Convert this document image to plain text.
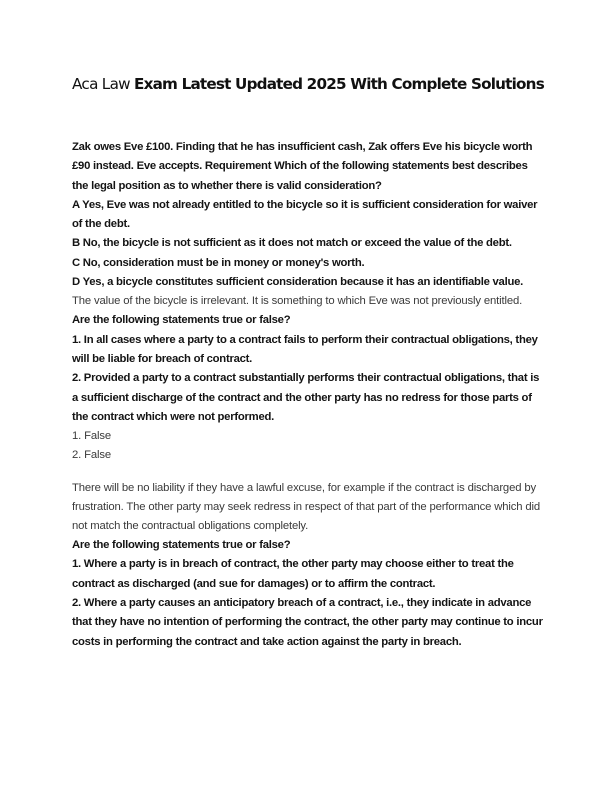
Aca Law Exam Latest Updated 2025 With Complete Solutions

Zak owes Eve £100. Finding that he has insufficient cash, Zak offers Eve his bicycle worth £90 instead. Eve accepts. Requirement Which of the following statements best describes the legal position as to whether there is valid consideration?

A Yes, Eve was not already entitled to the bicycle so it is sufficient consideration for waiver of the debt.

B No, the bicycle is not sufficient as it does not match or exceed the value of the debt.

C No, consideration must be in money or money's worth.

D Yes, a bicycle constitutes sufficient consideration because it has an identifiable value.

The value of the bicycle is irrelevant. It is something to which Eve was not previously entitled.

Are the following statements true or false?

1. In all cases where a party to a contract fails to perform their contractual obligations, they will be liable for breach of contract.

2. Provided a party to a contract substantially performs their contractual obligations, that is a sufficient discharge of the contract and the other party has no redress for those parts of the contract which were not performed.

1. False

2. False

There will be no liability if they have a lawful excuse, for example if the contract is discharged by frustration. The other party may seek redress in respect of that part of the performance which did not match the contractual obligations completely.

Are the following statements true or false?

1. Where a party is in breach of contract, the other party may choose either to treat the contract as discharged (and sue for damages) or to affirm the contract.

2. Where a party causes an anticipatory breach of a contract, i.e., they indicate in advance that they have no intention of performing the contract, the other party may continue to incur costs in performing the contract and take action against the party in breach.
